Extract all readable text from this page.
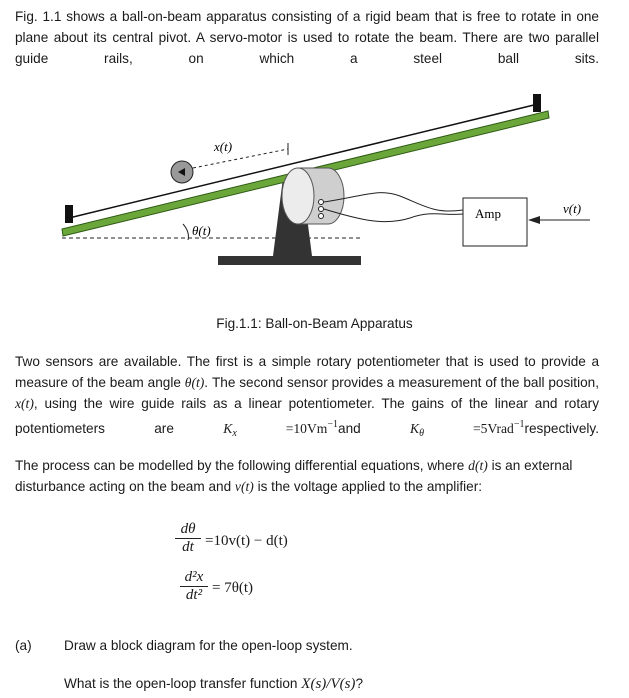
Fig. 1.1 shows a ball-on-beam apparatus consisting of a rigid beam that is free to rotate in one plane about its central pivot. A servo-motor is used to rotate the beam. There are two parallel guide rails, on which a steel ball sits.
x(t)
θ(t)
Amp	v(t)
Fig.1.1: Ball-on-Beam Apparatus
Two sensors are available. The first is a simple rotary potentiometer that is used to provide a measure of the beam angle θ(t). The second sensor provides a measurement of the ball position, x(t), using the wire guide rails as a linear potentiometer. The gains of the linear and rotary potentiometers are $K_x =10Vm^{-1}and$ $K_\theta$ =5Vrad$^{-1}$respectively.
The process can be modelled by the following differential equations, where d(t) is an external disturbance acting on the beam and v(t) is the voltage applied to the amplifier:
dθ
dt =10v(t) − d(t)
d²x
dt² = 7θ(t)
(a) Draw a block diagram for the open-loop system.
What is the open-loop transfer function X(s)/V(s)?
